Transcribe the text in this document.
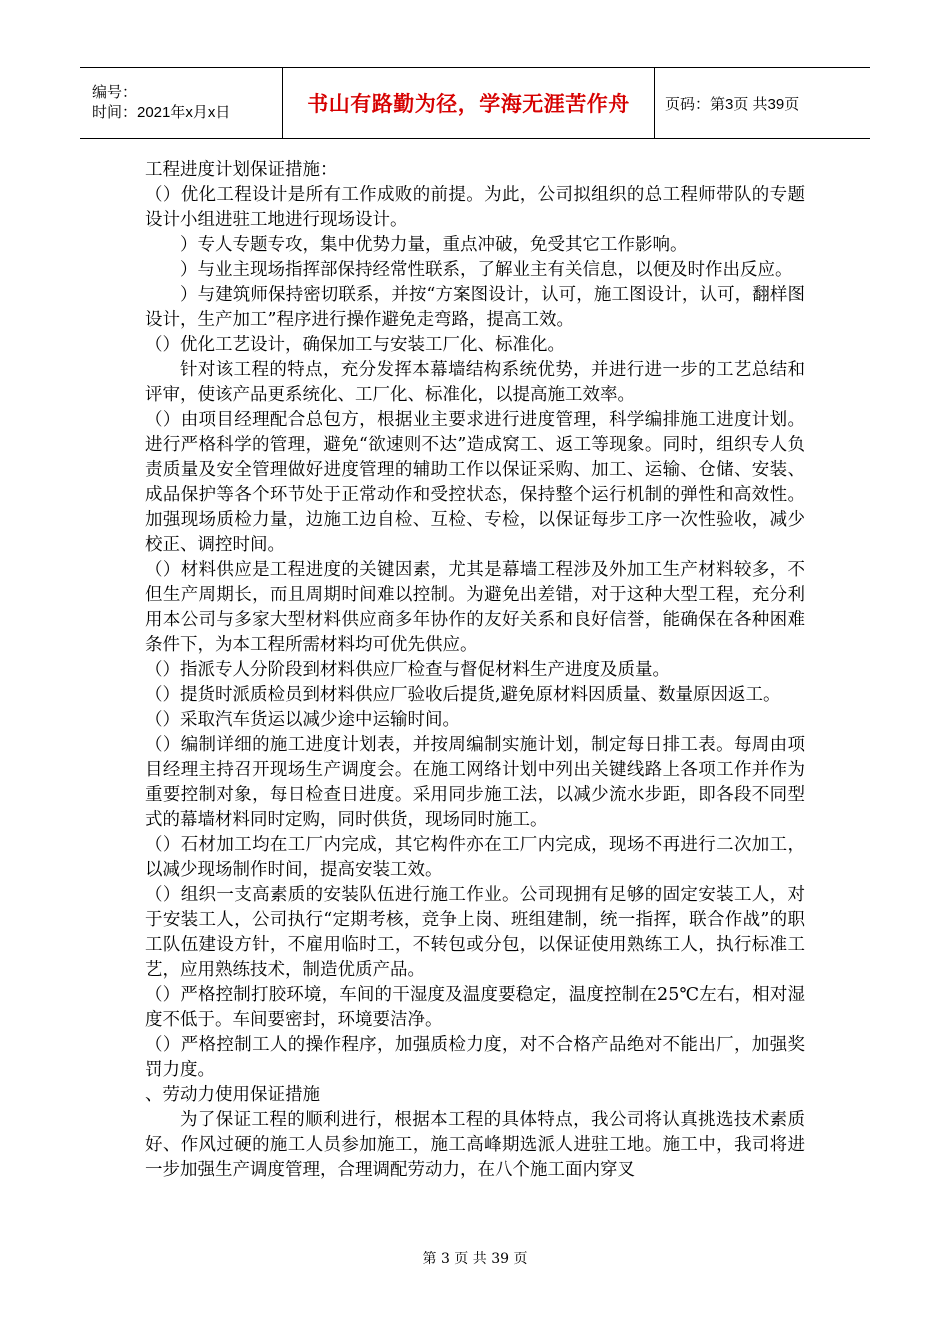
编号：
时间：2021年x月x日	书山有路勤为径，学海无涯苦作舟	页码：第3页 共39页

工程进度计划保证措施：

（）优化工程设计是所有工作成败的前提。为此，公司拟组织的总工程师带队的专题设计小组进驻工地进行现场设计。

）专人专题专攻，集中优势力量，重点冲破，免受其它工作影响。

）与业主现场指挥部保持经常性联系，了解业主有关信息，以便及时作出反应。

）与建筑师保持密切联系，并按“方案图设计，认可，施工图设计，认可，翻样图设计，生产加工”程序进行操作避免走弯路，提高工效。

（）优化工艺设计，确保加工与安装工厂化、标准化。

针对该工程的特点，充分发挥本幕墙结构系统优势，并进行进一步的工艺总结和评审，使该产品更系统化、工厂化、标准化，以提高施工效率。

（）由项目经理配合总包方，根据业主要求进行进度管理，科学编排施工进度计划。进行严格科学的管理，避免“欲速则不达”造成窝工、返工等现象。同时，组织专人负责质量及安全管理做好进度管理的辅助工作以保证采购、加工、运输、仓储、安装、成品保护等各个环节处于正常动作和受控状态，保持整个运行机制的弹性和高效性。加强现场质检力量，边施工边自检、互检、专检，以保证每步工序一次性验收，减少校正、调控时间。

（）材料供应是工程进度的关键因素，尤其是幕墙工程涉及外加工生产材料较多，不但生产周期长，而且周期时间难以控制。为避免出差错，对于这种大型工程，充分利用本公司与多家大型材料供应商多年协作的友好关系和良好信誉，能确保在各种困难条件下，为本工程所需材料均可优先供应。

（）指派专人分阶段到材料供应厂检查与督促材料生产进度及质量。

（）提货时派质检员到材料供应厂验收后提货,避免原材料因质量、数量原因返工。

（）采取汽车货运以减少途中运输时间。

（）编制详细的施工进度计划表，并按周编制实施计划，制定每日排工表。每周由项目经理主持召开现场生产调度会。在施工网络计划中列出关键线路上各项工作并作为重要控制对象，每日检查日进度。采用同步施工法，以减少流水步距，即各段不同型式的幕墙材料同时定购，同时供货，现场同时施工。

（）石材加工均在工厂内完成，其它构件亦在工厂内完成，现场不再进行二次加工，以减少现场制作时间，提高安装工效。

（）组织一支高素质的安装队伍进行施工作业。公司现拥有足够的固定安装工人，对于安装工人，公司执行“定期考核，竞争上岗、班组建制，统一指挥，联合作战”的职工队伍建设方针，不雇用临时工，不转包或分包，以保证使用熟练工人，执行标准工艺，应用熟练技术，制造优质产品。

（）严格控制打胶环境，车间的干湿度及温度要稳定，温度控制在25℃左右，相对湿度不低于。车间要密封，环境要洁净。

（）严格控制工人的操作程序，加强质检力度，对不合格产品绝对不能出厂，加强奖罚力度。

、劳动力使用保证措施

为了保证工程的顺利进行，根据本工程的具体特点，我公司将认真挑选技术素质好、作风过硬的施工人员参加施工，施工高峰期选派人进驻工地。施工中，我司将进一步加强生产调度管理，合理调配劳动力，在八个施工面内穿叉

第 3 页 共 39 页
